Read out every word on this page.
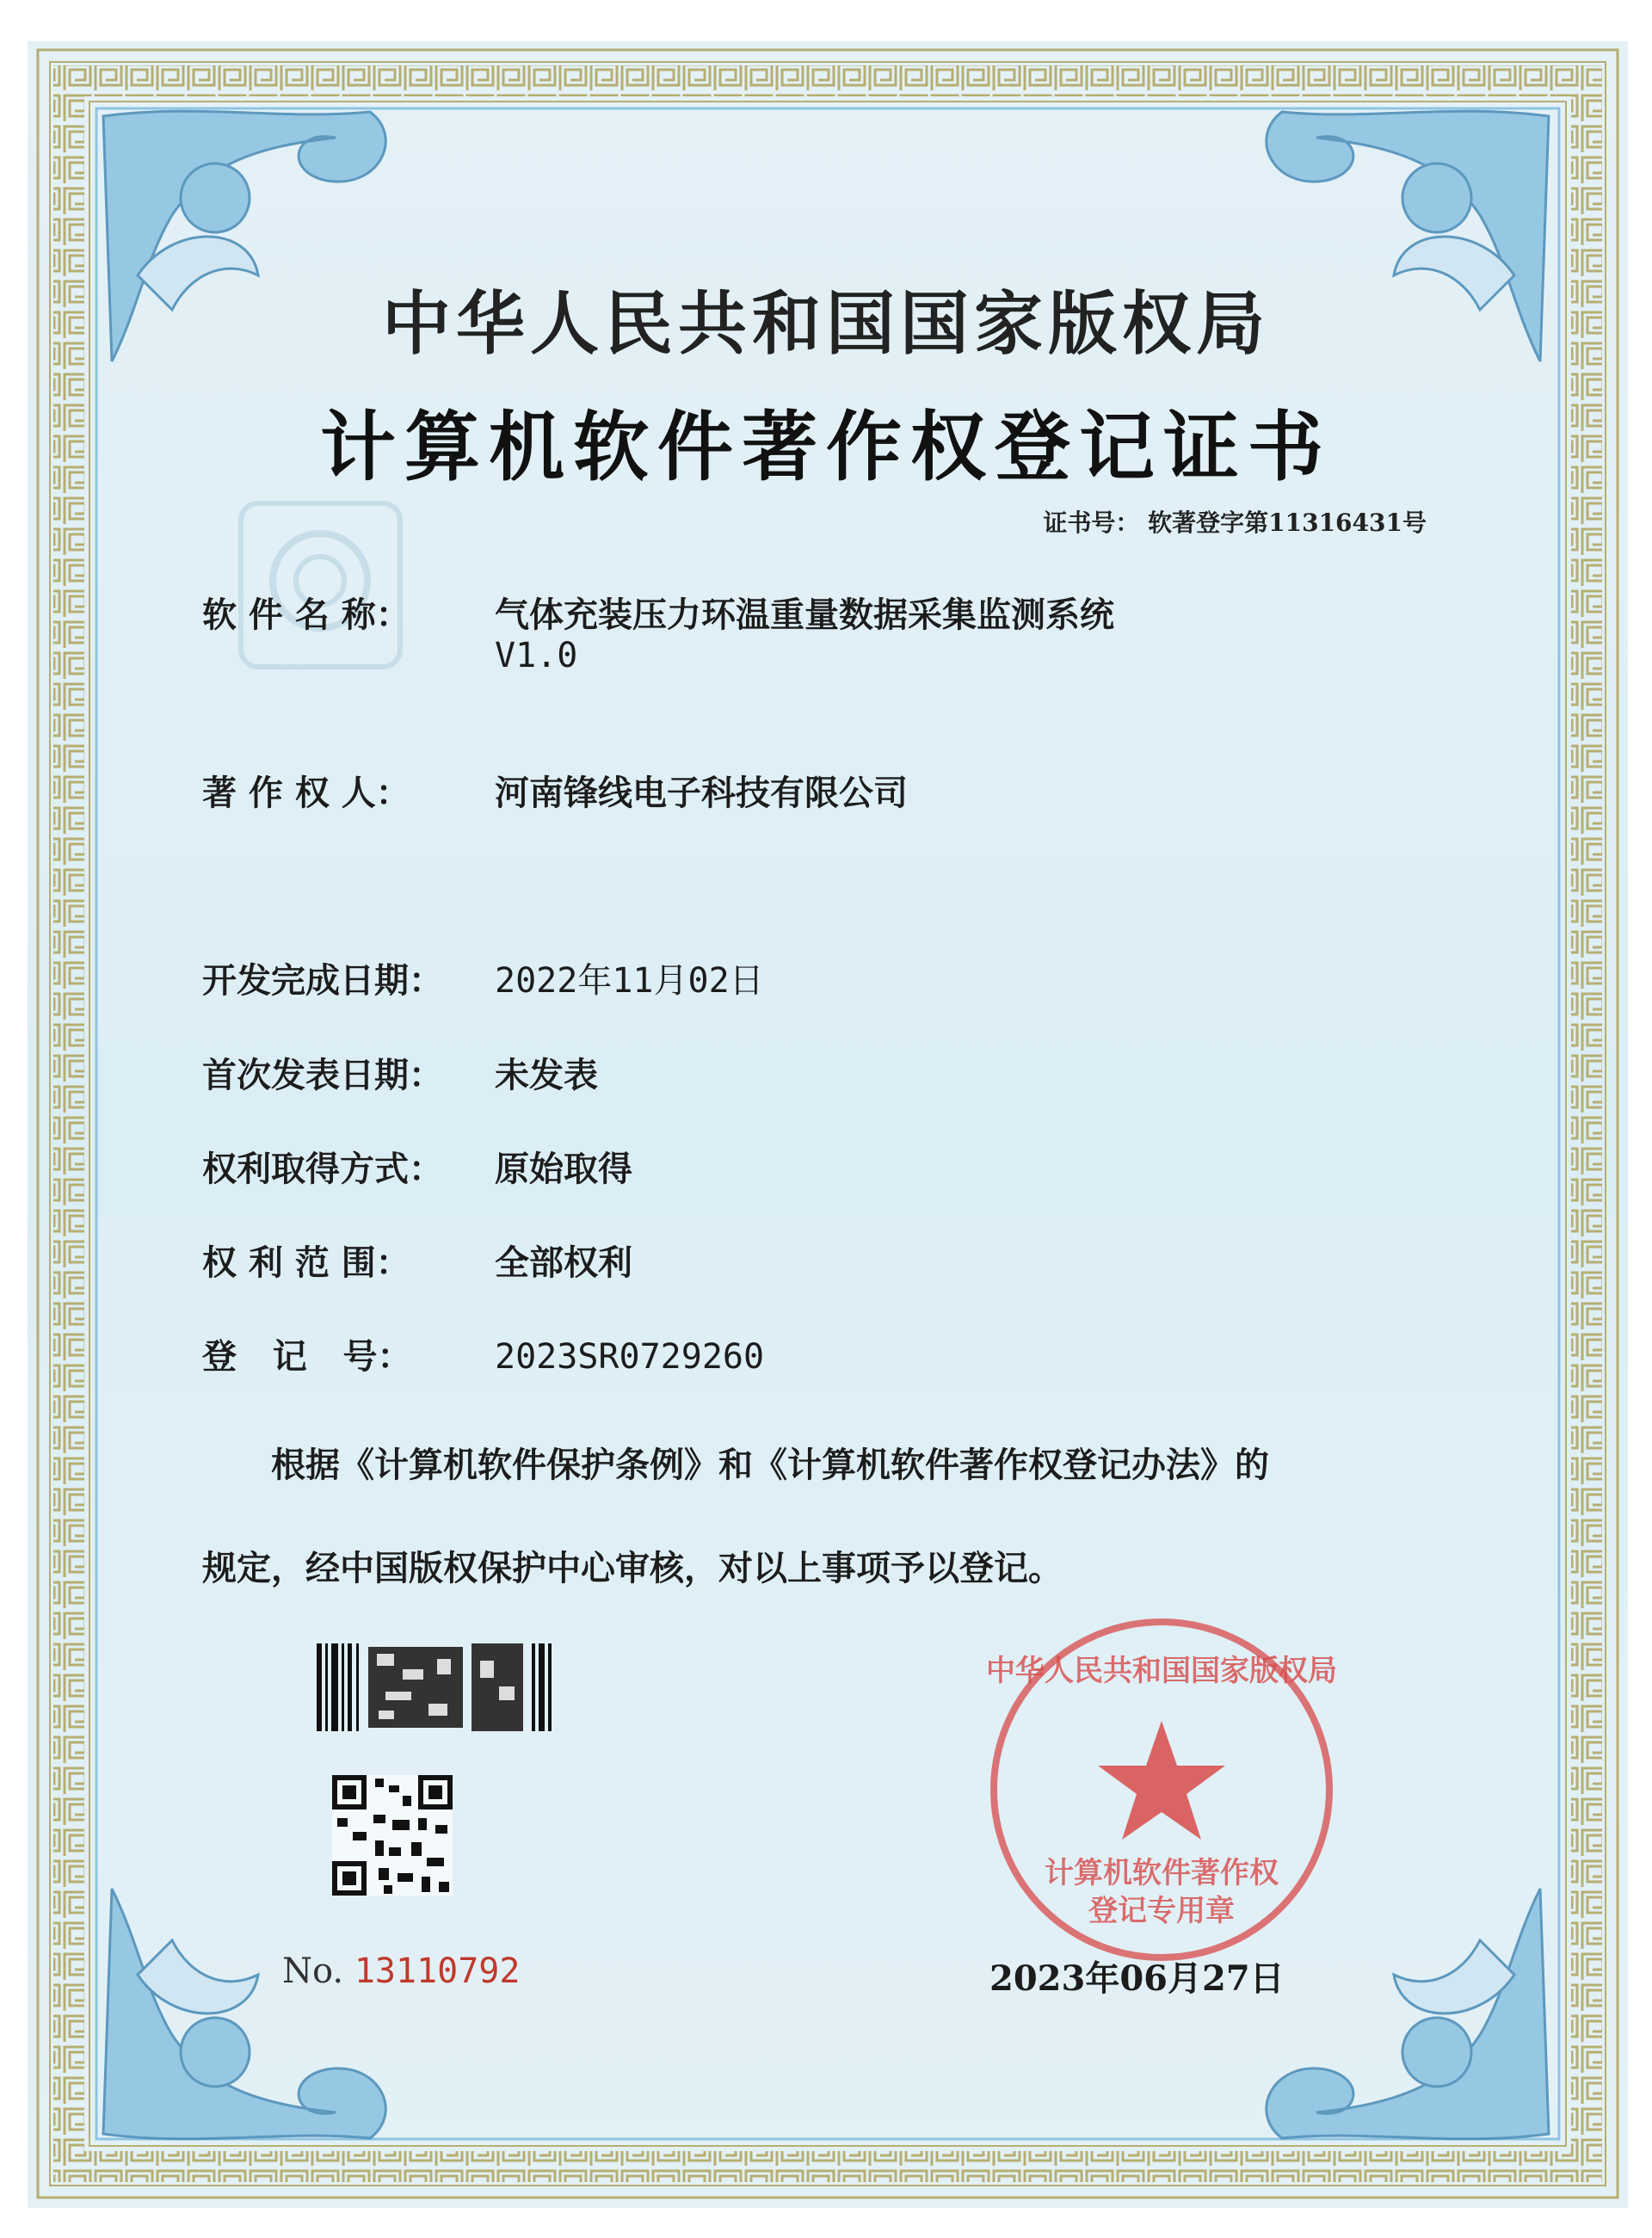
中华人民共和国国家版权局
计算机软件著作权登记证书
证书号： 软著登字第11316431号
软 件 名 称： 气体充装压力环温重量数据采集监测系统
V1.0
著 作 权 人： 河南锋线电子科技有限公司
开发完成日期： 2022年11月02日
首次发表日期： 未发表
权利取得方式： 原始取得
权 利 范 围： 全部权利
登   记   号： 2023SR0729260
根据《计算机软件保护条例》和《计算机软件著作权登记办法》的
规定，经中国版权保护中心审核，对以上事项予以登记。
中华人民共和国国家版权局
计算机软件著作权
登记专用章
No. 13110792	2023年06月27日
